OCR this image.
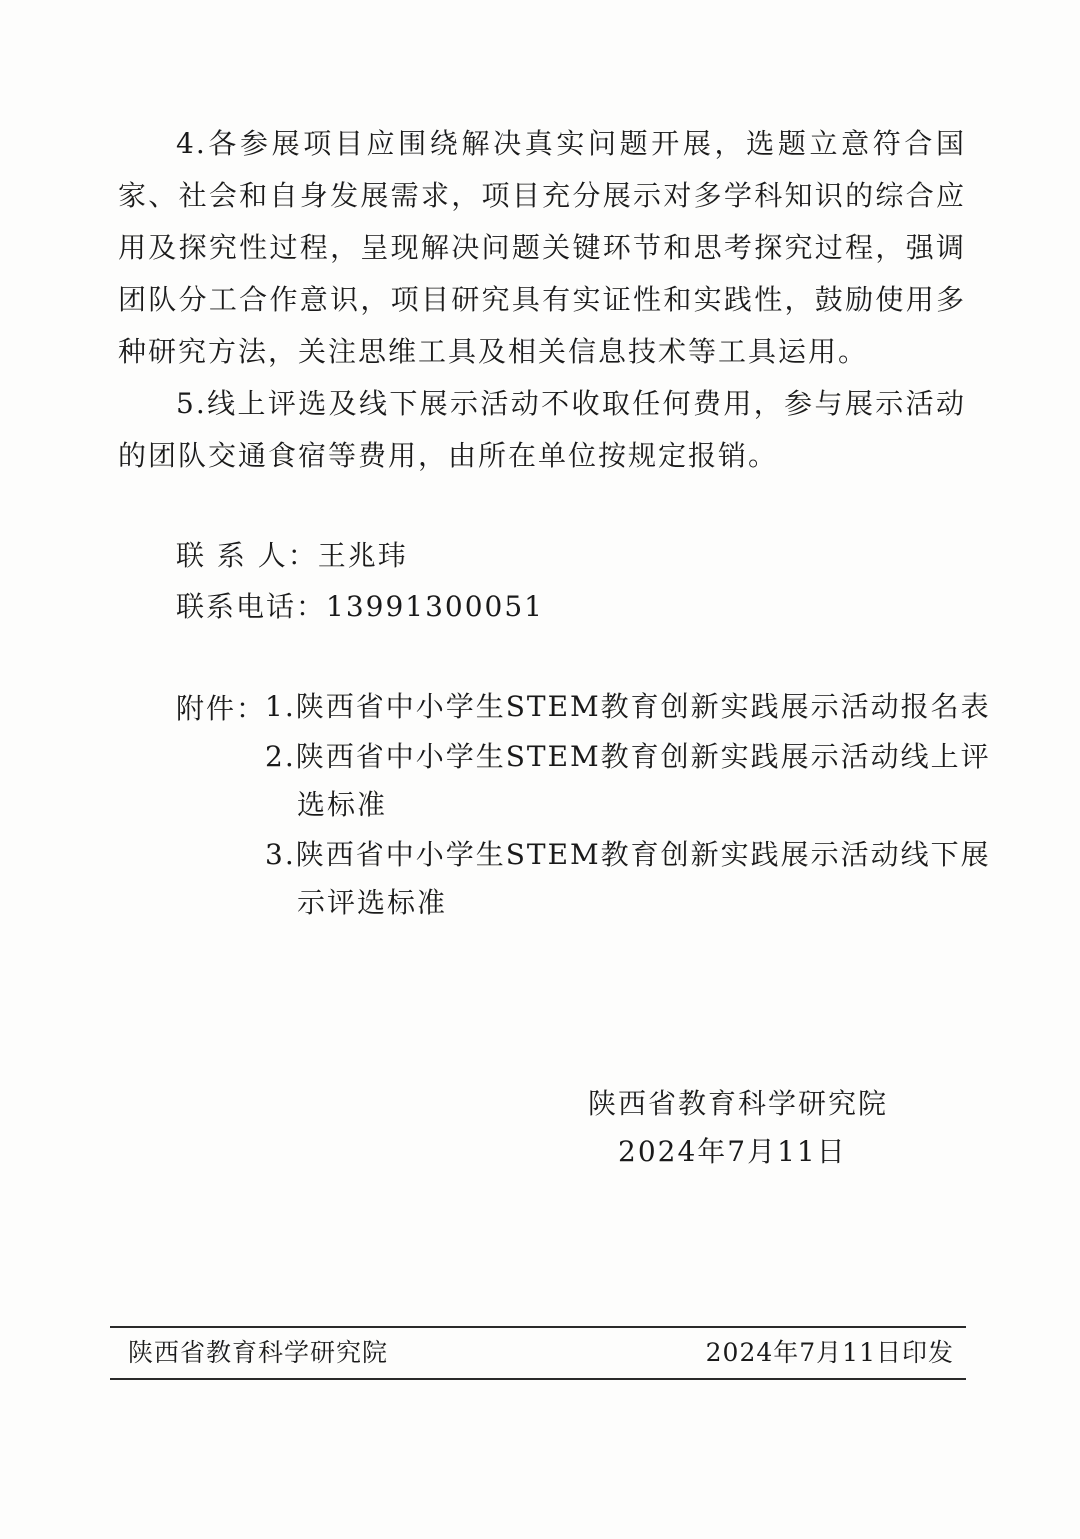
4.各参展项目应围绕解决真实问题开展，选题立意符合国家、社会和自身发展需求，项目充分展示对多学科知识的综合应用及探究性过程，呈现解决问题关键环节和思考探究过程，强调团队分工合作意识，项目研究具有实证性和实践性，鼓励使用多种研究方法，关注思维工具及相关信息技术等工具运用。

5.线上评选及线下展示活动不收取任何费用，参与展示活动的团队交通食宿等费用，由所在单位按规定报销。

联 系 人：王兆玮

联系电话：13991300051

附件：

1.陕西省中小学生STEM教育创新实践展示活动报名表

2.陕西省中小学生STEM教育创新实践展示活动线上评选标准

3.陕西省中小学生STEM教育创新实践展示活动线下展示评选标准

陕西省教育科学研究院

2024年7月11日

陕西省教育科学研究院	2024年7月11日印发
